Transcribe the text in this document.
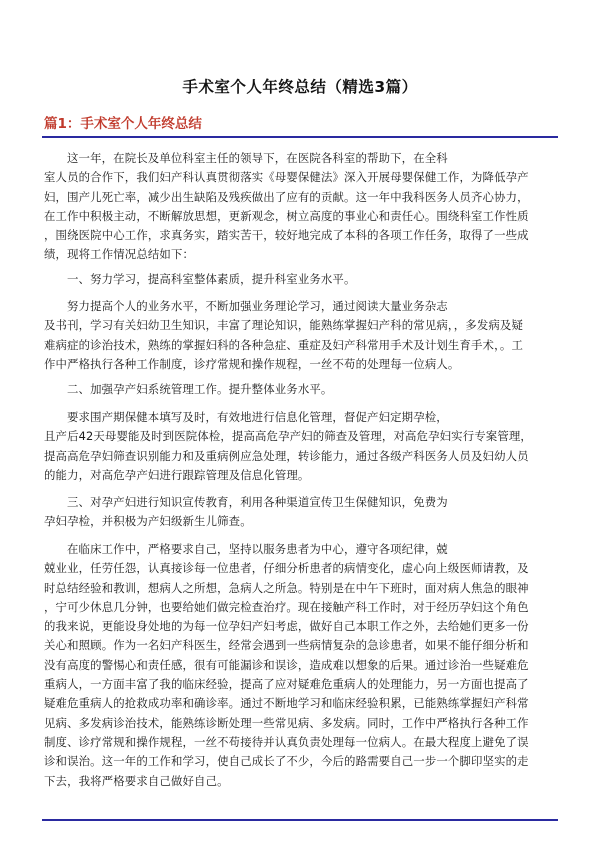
手术室个人年终总结（精选3篇）
篇1：手术室个人年终总结
这一年，在院长及单位科室主任的领导下，在医院各科室的帮助下，在全科
室人员的合作下，我们妇产科认真贯彻落实《母婴保健法》深入开展母婴保健工作，为降低孕产
妇，围产儿死亡率，减少出生缺陷及残疾做出了应有的贡献。这一年中我科医务人员齐心协力，
在工作中积极主动，不断解放思想，更新观念，树立高度的事业心和责任心。围绕科室工作性质
，围绕医院中心工作，求真务实，踏实苦干，较好地完成了本科的各项工作任务，取得了一些成
绩，现将工作情况总结如下：
一、努力学习，提高科室整体素质，提升科室业务水平。
努力提高个人的业务水平，不断加强业务理论学习，通过阅读大量业务杂志
及书刊，学习有关妇幼卫生知识，丰富了理论知识，能熟练掌握妇产科的常见病，，多发病及疑
难病症的诊治技术，熟练的掌握妇科的各种急症、重症及妇产科常用手术及计划生育手术，。工
作中严格执行各种工作制度，诊疗常规和操作规程，一丝不苟的处理每一位病人。
二、加强孕产妇系统管理工作。提升整体业务水平。
要求围产期保健本填写及时，有效地进行信息化管理，督促产妇定期孕检，
且产后42天母婴能及时到医院体检，提高高危孕产妇的筛查及管理，对高危孕妇实行专案管理，
提高高危孕妇筛查识别能力和及重病例应急处理，转诊能力，通过各级产科医务人员及妇幼人员
的能力，对高危孕产妇进行跟踪管理及信息化管理。
三、对孕产妇进行知识宣传教育，利用各种渠道宣传卫生保健知识，免费为
孕妇孕检，并积极为产妇级新生儿筛查。
在临床工作中，严格要求自己，坚持以服务患者为中心，遵守各项纪律，兢
兢业业，任劳任怨，认真接诊每一位患者，仔细分析患者的病情变化，虚心向上级医师请教，及
时总结经验和教训，想病人之所想，急病人之所急。特别是在中午下班时，面对病人焦急的眼神
，宁可少休息几分钟，也要给她们做完检查治疗。现在接触产科工作时，对于经历孕妇这个角色
的我来说，更能设身处地的为每一位孕妇产妇考虑，做好自己本职工作之外，去给她们更多一份
关心和照顾。作为一名妇产科医生，经常会遇到一些病情复杂的急诊患者，如果不能仔细分析和
没有高度的警惕心和责任感，很有可能漏诊和误诊，造成难以想象的后果。通过诊治一些疑难危
重病人，一方面丰富了我的临床经验，提高了应对疑难危重病人的处理能力，另一方面也提高了
疑难危重病人的抢救成功率和确诊率。通过不断地学习和临床经验积累，已能熟练掌握妇产科常
见病、多发病诊治技术，能熟练诊断处理一些常见病、多发病。同时，工作中严格执行各种工作
制度、诊疗常规和操作规程，一丝不苟接待并认真负责处理每一位病人。在最大程度上避免了误
诊和误治。这一年的工作和学习，使自己成长了不少，今后的路需要自己一步一个脚印坚实的走
下去，我将严格要求自己做好自己。
